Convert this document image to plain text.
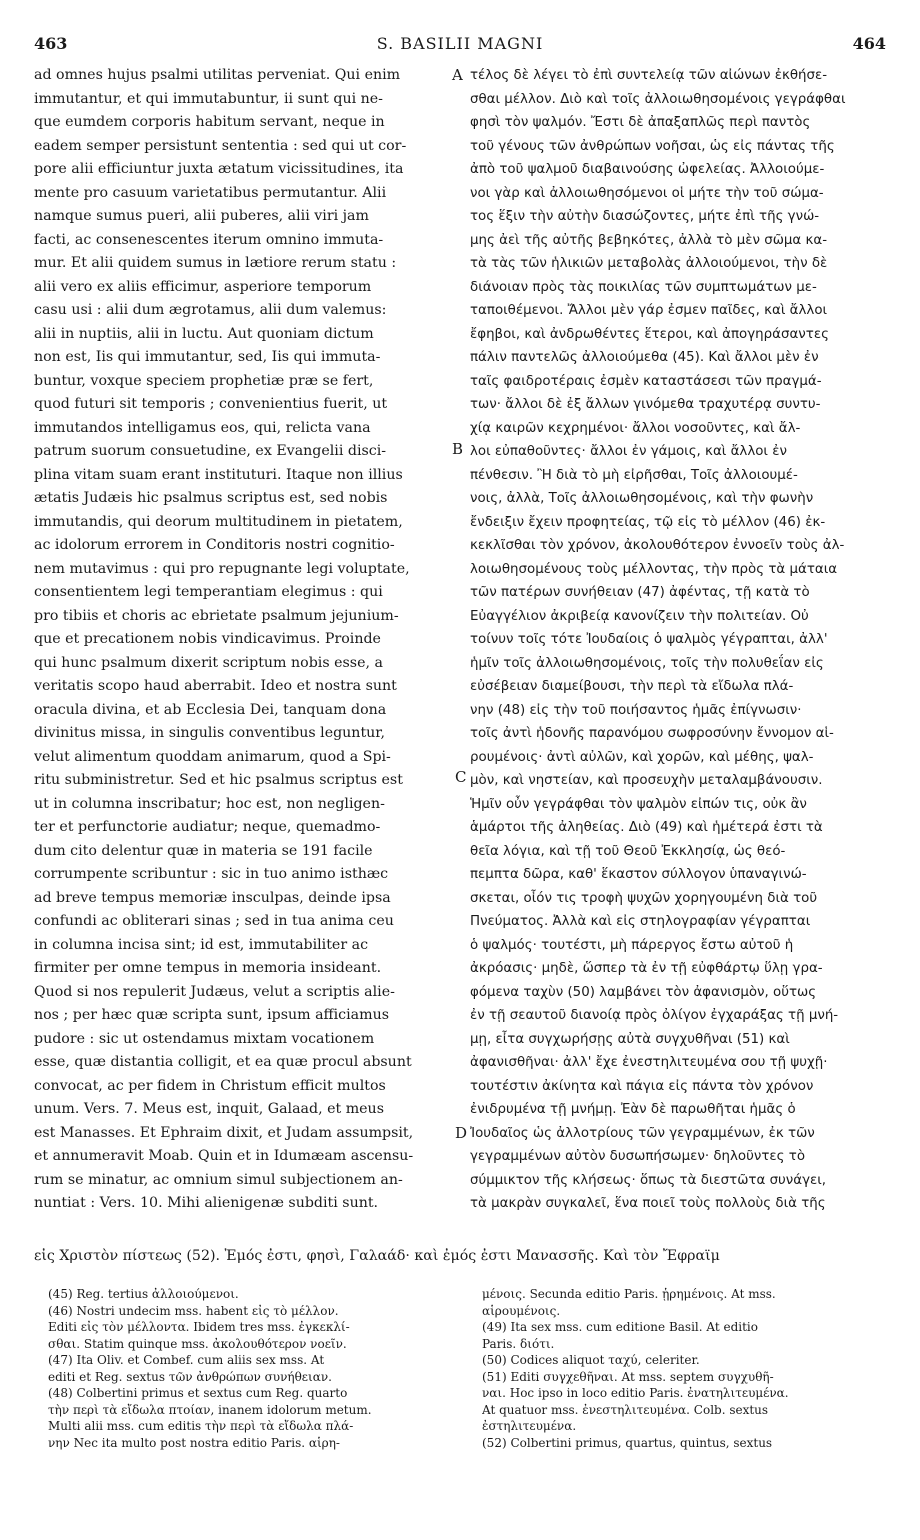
463	S. BASILII MAGNI	464
ad omnes hujus psalmi utilitas perveniat. Qui enim
immutantur, et qui immutabuntur, ii sunt qui ne-
que eumdem corporis habitum servant, neque in
eadem semper persistunt sententia : sed qui ut cor-
pore alii efficiuntur juxta ætatum vicissitudines, ita
mente pro casuum varietatibus permutantur. Alii
namque sumus pueri, alii puberes, alii viri jam
facti, ac consenescentes iterum omnino immuta-
mur. Et alii quidem sumus in lætiore rerum statu :
alii vero ex aliis efficimur, asperiore temporum
casu usi : alii dum ægrotamus, alii dum valemus:
alii in nuptiis, alii in luctu. Aut quoniam dictum
non est, Iis qui immutantur, sed, Iis qui immuta-
buntur, voxque speciem prophetiæ præ se fert,
quod futuri sit temporis ; convenientius fuerit, ut
immutandos intelligamus eos, qui, relicta vana
patrum suorum consuetudine, ex Evangelii disci-
plina vitam suam erant instituturi. Itaque non illius
ætatis Judæis hic psalmus scriptus est, sed nobis
immutandis, qui deorum multitudinem in pietatem,
ac idolorum errorem in Conditoris nostri cognitio-
nem mutavimus : qui pro repugnante legi voluptate,
consentientem legi temperantiam elegimus : qui
pro tibiis et choris ac ebrietate psalmum jejunium-
que et precationem nobis vindicavimus. Proinde
qui hunc psalmum dixerit scriptum nobis esse, a
veritatis scopo haud aberrabit. Ideo et nostra sunt
oracula divina, et ab Ecclesia Dei, tanquam dona
divinitus missa, in singulis conventibus leguntur,
velut alimentum quoddam animarum, quod a Spi-
ritu subministretur. Sed et hic psalmus scriptus est
ut in columna inscribatur; hoc est, non negligen-
ter et perfunctorie audiatur; neque, quemadmo-
dum cito delentur quæ in materia se 191 facile
corrumpente scribuntur : sic in tuo animo isthæc
ad breve tempus memoriæ insculpas, deinde ipsa
confundi ac obliterari sinas ; sed in tua anima ceu
in columna incisa sint; id est, immutabiliter ac
firmiter per omne tempus in memoria insideant.
Quod si nos repulerit Judæus, velut a scriptis alie-
nos ; per hæc quæ scripta sunt, ipsum afficiamus
pudore : sic ut ostendamus mixtam vocationem
esse, quæ distantia colligit, et ea quæ procul absunt
convocat, ac per fidem in Christum efficit multos
unum. Vers. 7. Meus est, inquit, Galaad, et meus
est Manasses. Et Ephraim dixit, et Judam assumpsit,
et annumeravit Moab. Quin et in Idumæam ascensu-
rum se minatur, ac omnium simul subjectionem an-
nuntiat : Vers. 10. Mihi alienigenæ subditi sunt.
τέλος δὲ λέγει τὸ ἐπὶ συντελείᾳ τῶν αἰώνων ἐκθήσε-
σθαι μέλλον. Διὸ καὶ τοῖς ἀλλοιωθησομένοις γεγράφθαι
φησὶ τὸν ψαλμόν. Ἔστι δὲ ἀπαξαπλῶς περὶ παντὸς
τοῦ γένους τῶν ἀνθρώπων νοῆσαι, ὡς εἰς πάντας τῆς
ἀπὸ τοῦ ψαλμοῦ διαβαινούσης ὠφελείας. Ἀλλοιούμε-
νοι γὰρ καὶ ἀλλοιωθησόμενοι οἱ μήτε τὴν τοῦ σώμα-
τος ἕξιν τὴν αὐτὴν διασώζοντες, μήτε ἐπὶ τῆς γνώ-
μης ἀεὶ τῆς αὐτῆς βεβηκότες, ἀλλὰ τὸ μὲν σῶμα κα-
τὰ τὰς τῶν ἡλικιῶν μεταβολὰς ἀλλοιούμενοι, τὴν δὲ
διάνοιαν πρὸς τὰς ποικιλίας τῶν συμπτωμάτων με-
ταποιθέμενοι. Ἄλλοι μὲν γάρ ἐσμεν παῖδες, καὶ ἄλλοι
ἔφηβοι, καὶ ἀνδρωθέντες ἕτεροι, καὶ ἀπογηράσαντες
πάλιν παντελῶς ἀλλοιούμεθα (45). Καὶ ἄλλοι μὲν ἐν
ταῖς φαιδροτέραις ἐσμὲν καταστάσεσι τῶν πραγμά-
των· ἄλλοι δὲ ἐξ ἄλλων γινόμεθα τραχυτέρᾳ συντυ-
χίᾳ καιρῶν κεχρημένοι· ἄλλοι νοσοῦντες, καὶ ἄλ-
λοι εὐπαθοῦντες· ἄλλοι ἐν γάμοις, καὶ ἄλλοι ἐν
πένθεσιν. Ἢ διὰ τὸ μὴ εἰρῆσθαι, Τοῖς ἀλλοιουμέ-
νοις, ἀλλὰ, Τοῖς ἀλλοιωθησομένοις, καὶ τὴν φωνὴν
ἔνδειξιν ἔχειν προφητείας, τῷ εἰς τὸ μέλλον (46) ἐκ-
κεκλῖσθαι τὸν χρόνον, ἀκολουθότερον ἐννοεῖν τοὺς ἀλ-
λοιωθησομένους τοὺς μέλλοντας, τὴν πρὸς τὰ μάταια
τῶν πατέρων συνήθειαν (47) ἀφέντας, τῇ κατὰ τὸ
Εὐαγγέλιον ἀκριβείᾳ κανονίζειν τὴν πολιτείαν. Οὐ
τοίνυν τοῖς τότε Ἰουδαίοις ὁ ψαλμὸς γέγραπται, ἀλλ'
ἡμῖν τοῖς ἀλλοιωθησομένοις, τοῖς τὴν πολυθεΐαν εἰς
εὐσέβειαν διαμείβουσι, τὴν περὶ τὰ εἴδωλα πλά-
νην (48) εἰς τὴν τοῦ ποιήσαντος ἡμᾶς ἐπίγνωσιν·
τοῖς ἀντὶ ἡδονῆς παρανόμου σωφροσύνην ἔννομον αἱ-
ρουμένοις· ἀντὶ αὐλῶν, καὶ χορῶν, καὶ μέθης, ψαλ-
μὸν, καὶ νηστείαν, καὶ προσευχὴν μεταλαμβάνουσιν.
Ἡμῖν οὖν γεγράφθαι τὸν ψαλμὸν εἰπών τις, οὐκ ἂν
ἁμάρτοι τῆς ἀληθείας. Διὸ (49) καὶ ἡμέτερά ἐστι τὰ
θεῖα λόγια, καὶ τῇ τοῦ Θεοῦ Ἐκκλησίᾳ, ὡς θεό-
πεμπτα δῶρα, καθ' ἕκαστον σύλλογον ὑπαναγινώ-
σκεται, οἷόν τις τροφὴ ψυχῶν χορηγουμένη διὰ τοῦ
Πνεύματος. Ἀλλὰ καὶ εἰς στηλογραφίαν γέγραπται
ὁ ψαλμός· τουτέστι, μὴ πάρεργος ἔστω αὐτοῦ ἡ
ἀκρόασις· μηδὲ, ὥσπερ τὰ ἐν τῇ εὐφθάρτῳ ὕλῃ γρα-
φόμενα ταχὺν (50) λαμβάνει τὸν ἀφανισμὸν, οὕτως
ἐν τῇ σεαυτοῦ διανοίᾳ πρὸς ὀλίγον ἐγχαράξας τῇ μνή-
μῃ, εἶτα συγχωρήσῃς αὐτὰ συγχυθῆναι (51) καὶ
ἀφανισθῆναι· ἀλλ' ἔχε ἐνεστηλιτευμένα σου τῇ ψυχῇ·
τουτέστιν ἀκίνητα καὶ πάγια εἰς πάντα τὸν χρόνον
ἐνιδρυμένα τῇ μνήμῃ. Ἐὰν δὲ παρωθῆται ἡμᾶς ὁ
Ἰουδαῖος ὡς ἀλλοτρίους τῶν γεγραμμένων, ἐκ τῶν
γεγραμμένων αὐτὸν δυσωπήσωμεν· δηλοῦντες τὸ
σύμμικτον τῆς κλήσεως· ὅπως τὰ διεστῶτα συνάγει,
τὰ μακρὰν συγκαλεῖ, ἕνα ποιεῖ τοὺς πολλοὺς διὰ τῆς
A
B
C
D
εἰς Χριστὸν πίστεως (52). Ἐμός ἐστι, φησὶ, Γαλαάδ· καὶ ἐμός ἐστι Μανασσῆς. Καὶ τὸν Ἔφραϊμ
(45) Reg. tertius ἀλλοιούμενοι.
(46) Nostri undecim mss. habent εἰς τὸ μέλλον.
Editi εἰς τὸν μέλλοντα. Ibidem tres mss. ἐγκεκλί-
σθαι. Statim quinque mss. ἀκολουθότερον νοεῖν.
(47) Ita Oliv. et Combef. cum aliis sex mss. At
editi et Reg. sextus τῶν ἀνθρώπων συνήθειαν.
(48) Colbertini primus et sextus cum Reg. quarto
τὴν περὶ τὰ εἴδωλα πτοίαν, inanem idolorum metum.
Multi alii mss. cum editis τὴν περὶ τὰ εἴδωλα πλά-
νην Nec ita multo post nostra editio Paris. αἱρη-
μένοις. Secunda editio Paris. ᾑρημένοις. At mss.
αἱρουμένοις.
(49) Ita sex mss. cum editione Basil. At editio
Paris. διότι.
(50) Codices aliquot ταχύ, celeriter.
(51) Editi συγχεθῆναι. At mss. septem συγχυθῆ-
ναι. Hoc ipso in loco editio Paris. ἐνατηλιτευμένα.
At quatuor mss. ἐνεστηλιτευμένα. Colb. sextus
ἐστηλιτευμένα.
(52) Colbertini primus, quartus, quintus, sextus
